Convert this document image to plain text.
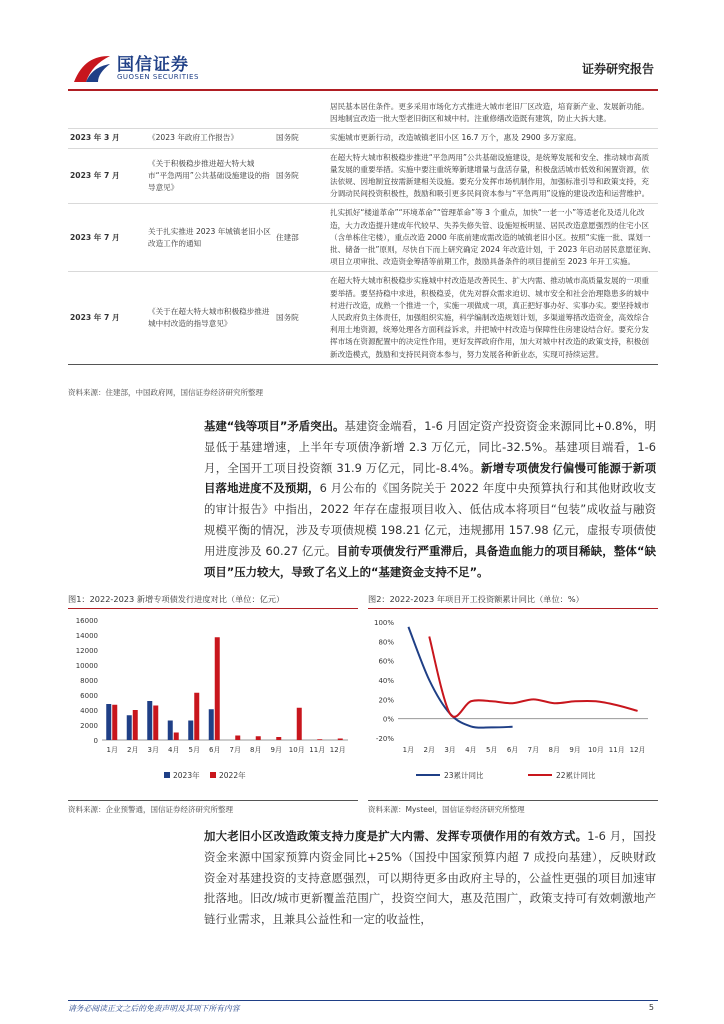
国信证券
GUOSEN SECURITIES
证券研究报告
			居民基本居住条件。更多采用市场化方式推进大城市老旧厂区改造，培育新产业、发展新功能。因地制宜改造一批大型老旧街区和城中村。注重修缮改造既有建筑，防止大拆大建。
2023 年 3 月	《2023 年政府工作报告》	国务院	实施城市更新行动，改造城镇老旧小区 16.7 万个，惠及 2900 多万家庭。
2023 年 7 月	《关于积极稳步推进超大特大城市“平急两用”公共基础设施建设的指导意见》	国务院	在超大特大城市积极稳步推进“平急两用”公共基础设施建设，是统筹发展和安全、推动城市高质量发展的重要举措。实施中要注重统筹新建增量与盘活存量，积极盘活城市低效和闲置资源，依法依规、因地制宜按需新建相关设施。要充分发挥市场机制作用，加强标准引导和政策支持，充分调动民间投资积极性，鼓励和吸引更多民间资本参与“平急两用”设施的建设改造和运营维护。
2023 年 7 月	关于扎实推进 2023 年城镇老旧小区改造工作的通知	住建部	扎实抓好“楼道革命”“环境革命”“管理革命”等 3 个重点，加快“一老一小”等适老化及适儿化改造，大力改造提升建成年代较早、失养失修失管、设施短板明显、居民改造意愿强烈的住宅小区（含单栋住宅楼），重点改造 2000 年底前建成需改造的城镇老旧小区。按照“实施一批、谋划一批、储备一批”原则，尽快自下而上研究确定 2024 年改造计划，于 2023 年启动居民意愿征询、项目立项审批、改造资金筹措等前期工作，鼓励具备条件的项目提前至 2023 年开工实施。
2023 年 7 月	《关于在超大特大城市积极稳步推进城中村改造的指导意见》	国务院	在超大特大城市积极稳步实施城中村改造是改善民生、扩大内需、推动城市高质量发展的一项重要举措。要坚持稳中求进，积极稳妥，优先对群众需求迫切、城市安全和社会治理隐患多的城中村进行改造，成熟一个推进一个，实施一项做成一项，真正把好事办好、实事办实。要坚持城市人民政府负主体责任，加强组织实施，科学编制改造规划计划，多渠道筹措改造资金，高效综合利用土地资源，统筹处理各方面利益诉求，并把城中村改造与保障性住房建设结合好。要充分发挥市场在资源配置中的决定性作用，更好发挥政府作用，加大对城中村改造的政策支持，积极创新改造模式，鼓励和支持民间资本参与，努力发展各种新业态，实现可持续运营。
资料来源：住建部，中国政府网，国信证券经济研究所整理

基建“钱等项目”矛盾突出。基建资金端看，1-6 月固定资产投资资金来源同比+0.8%，明显低于基建增速，上半年专项债净新增 2.3 万亿元，同比-32.5%。基建项目端看，1-6 月，全国开工项目投资额 31.9 万亿元，同比-8.4%。新增专项债发行偏慢可能源于新项目落地进度不及预期，6 月公布的《国务院关于 2022 年度中央预算执行和其他财政收支的审计报告》中指出，2022 年存在虚报项目收入、低估成本将项目“包装”成收益与融资规模平衡的情况，涉及专项债规模 198.21 亿元，违规挪用 157.98 亿元，虚报专项债使用进度涉及 60.27 亿元。目前专项债发行严重滞后，具备造血能力的项目稀缺，整体“缺项目”压力较大，导致了名义上的“基建资金支持不足”。

图1：2022-2023 新增专项债发行进度对比（单位：亿元）
0
2000
4000
6000
8000
10000
12000
14000
16000
1月 2月 3月 4月 5月 6月 7月 8月 9月 10月 11月 12月
2023年	2022年
资料来源：企业预警通，国信证券经济研究所整理
图2：2022-2023 年项目开工投资额累计同比（单位：%）
-20%
0%
20%
40%
60%
80%
100%
1月 2月 3月 4月 5月 6月 7月 8月 9月 10月 11月 12月
23累计同比	22累计同比
资料来源：Mysteel，国信证券经济研究所整理

加大老旧小区改造政策支持力度是扩大内需、发挥专项债作用的有效方式。1-6 月，国投资金来源中国家预算内资金同比+25%（国投中国家预算内超 7 成投向基建），反映财政资金对基建投资的支持意愿强烈，可以期待更多由政府主导的，公益性更强的项目加速审批落地。旧改/城市更新覆盖范围广，投资空间大，惠及范围广，政策支持可有效刺激地产链行业需求，且兼具公益性和一定的收益性，

请务必阅读正文之后的免责声明及其项下所有内容	5
